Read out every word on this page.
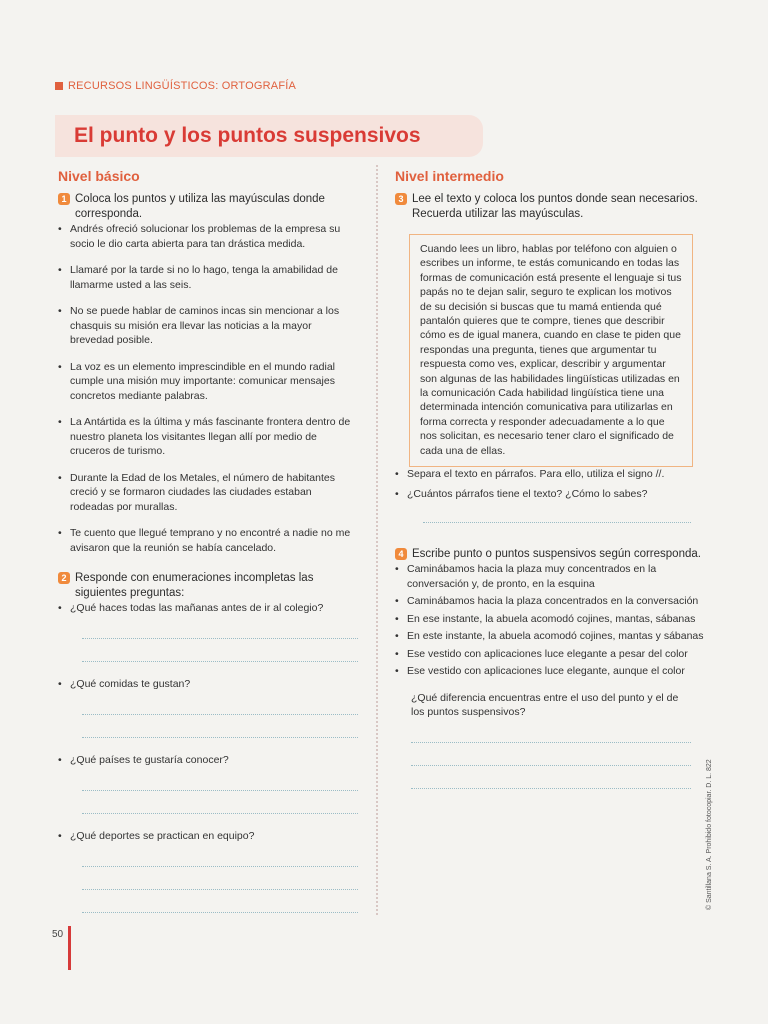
RECURSOS LINGÜÍSTICOS: ORTOGRAFÍA
El punto y los puntos suspensivos
Nivel básico
1 Coloca los puntos y utiliza las mayúsculas donde corresponda.
• Andrés ofreció solucionar los problemas de la empresa su socio le dio carta abierta para tan drástica medida.
• Llamaré por la tarde si no lo hago, tenga la amabilidad de llamarme usted a las seis.
• No se puede hablar de caminos incas sin mencionar a los chasquis su misión era llevar las noticias a la mayor brevedad posible.
• La voz es un elemento imprescindible en el mundo radial cumple una misión muy importante: comunicar mensajes concretos mediante palabras.
• La Antártida es la última y más fascinante frontera dentro de nuestro planeta los visitantes llegan allí por medio de cruceros de turismo.
• Durante la Edad de los Metales, el número de habitantes creció y se formaron ciudades las ciudades estaban rodeadas por murallas.
• Te cuento que llegué temprano y no encontré a nadie no me avisaron que la reunión se había cancelado.
2 Responde con enumeraciones incompletas las siguientes preguntas:
• ¿Qué haces todas las mañanas antes de ir al colegio?
• ¿Qué comidas te gustan?
• ¿Qué países te gustaría conocer?
• ¿Qué deportes se practican en equipo?
Nivel intermedio
3 Lee el texto y coloca los puntos donde sean necesarios. Recuerda utilizar las mayúsculas.
Cuando lees un libro, hablas por teléfono con alguien o escribes un informe, te estás comunicando en todas las formas de comunicación está presente el lenguaje si tus papás no te dejan salir, seguro te explican los motivos de su decisión si buscas que tu mamá entienda qué pantalón quieres que te compre, tienes que describir cómo es de igual manera, cuando en clase te piden que respondas una pregunta, tienes que argumentar tu respuesta como ves, explicar, describir y argumentar son algunas de las habilidades lingüísticas utilizadas en la comunicación Cada habilidad lingüística tiene una determinada intención comunicativa para utilizarlas en forma correcta y responder adecuadamente a lo que nos solicitan, es necesario tener claro el significado de cada una de ellas.
• Separa el texto en párrafos. Para ello, utiliza el signo //.
• ¿Cuántos párrafos tiene el texto? ¿Cómo lo sabes?
4 Escribe punto o puntos suspensivos según corresponda.
• Caminábamos hacia la plaza muy concentrados en la conversación y, de pronto, en la esquina
• Caminábamos hacia la plaza concentrados en la conversación
• En ese instante, la abuela acomodó cojines, mantas, sábanas
• En este instante, la abuela acomodó cojines, mantas y sábanas
• Ese vestido con aplicaciones luce elegante a pesar del color
• Ese vestido con aplicaciones luce elegante, aunque el color
¿Qué diferencia encuentras entre el uso del punto y el de los puntos suspensivos?
50
© Santillana S. A. Prohibido fotocopiar. D. L. 822
